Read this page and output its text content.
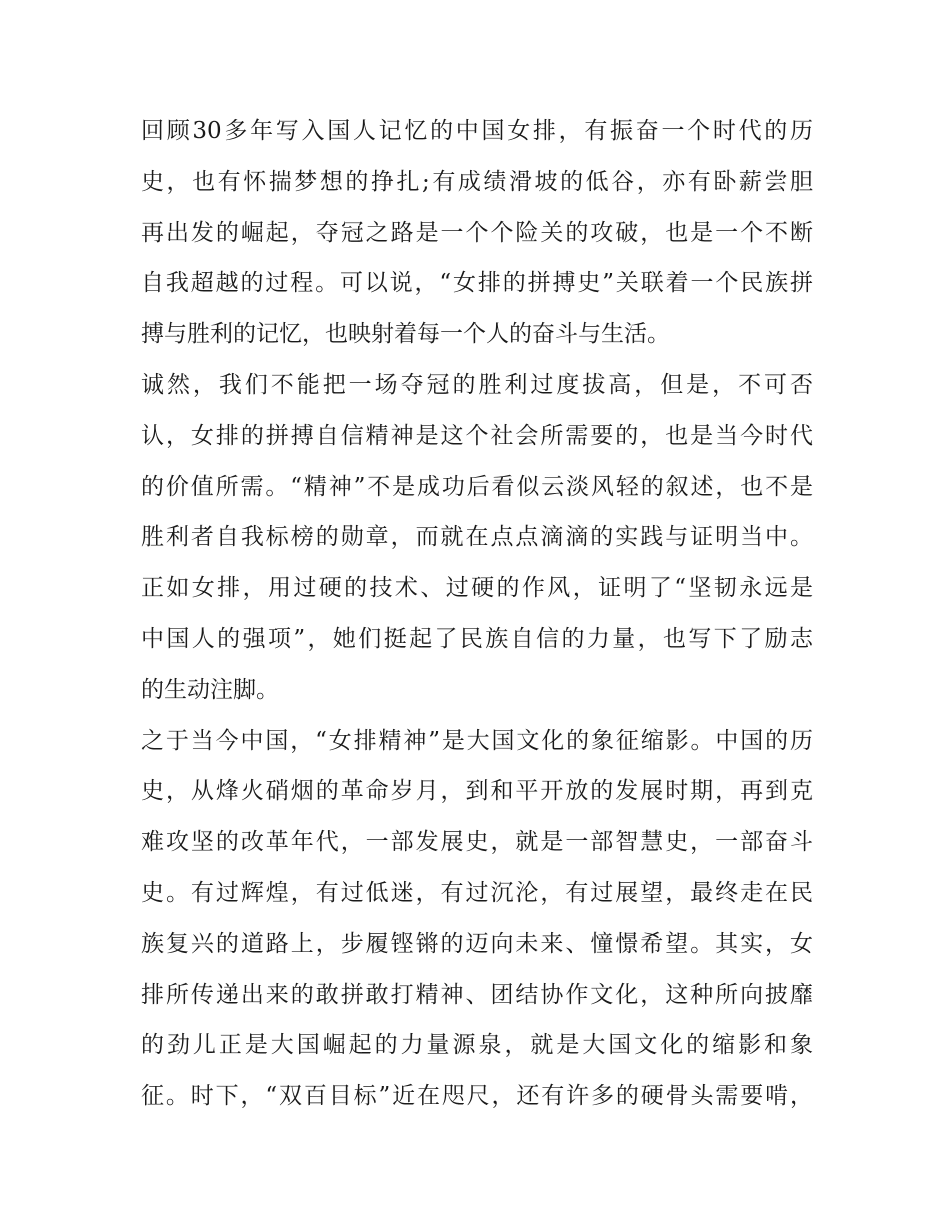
回顾30多年写入国人记忆的中国女排，有振奋一个时代的历
史，也有怀揣梦想的挣扎;有成绩滑坡的低谷，亦有卧薪尝胆
再出发的崛起，夺冠之路是一个个险关的攻破，也是一个不断
自我超越的过程。可以说，“女排的拼搏史”关联着一个民族拼
搏与胜利的记忆，也映射着每一个人的奋斗与生活。
诚然，我们不能把一场夺冠的胜利过度拔高，但是，不可否
认，女排的拼搏自信精神是这个社会所需要的，也是当今时代
的价值所需。“精神”不是成功后看似云淡风轻的叙述，也不是
胜利者自我标榜的勋章，而就在点点滴滴的实践与证明当中。
正如女排，用过硬的技术、过硬的作风，证明了“坚韧永远是
中国人的强项”，她们挺起了民族自信的力量，也写下了励志
的生动注脚。
之于当今中国，“女排精神”是大国文化的象征缩影。中国的历
史，从烽火硝烟的革命岁月，到和平开放的发展时期，再到克
难攻坚的改革年代，一部发展史，就是一部智慧史，一部奋斗
史。有过辉煌，有过低迷，有过沉沦，有过展望，最终走在民
族复兴的道路上，步履铿锵的迈向未来、憧憬希望。其实，女
排所传递出来的敢拼敢打精神、团结协作文化，这种所向披靡
的劲儿正是大国崛起的力量源泉，就是大国文化的缩影和象
征。时下，“双百目标”近在咫尺，还有许多的硬骨头需要啃，
